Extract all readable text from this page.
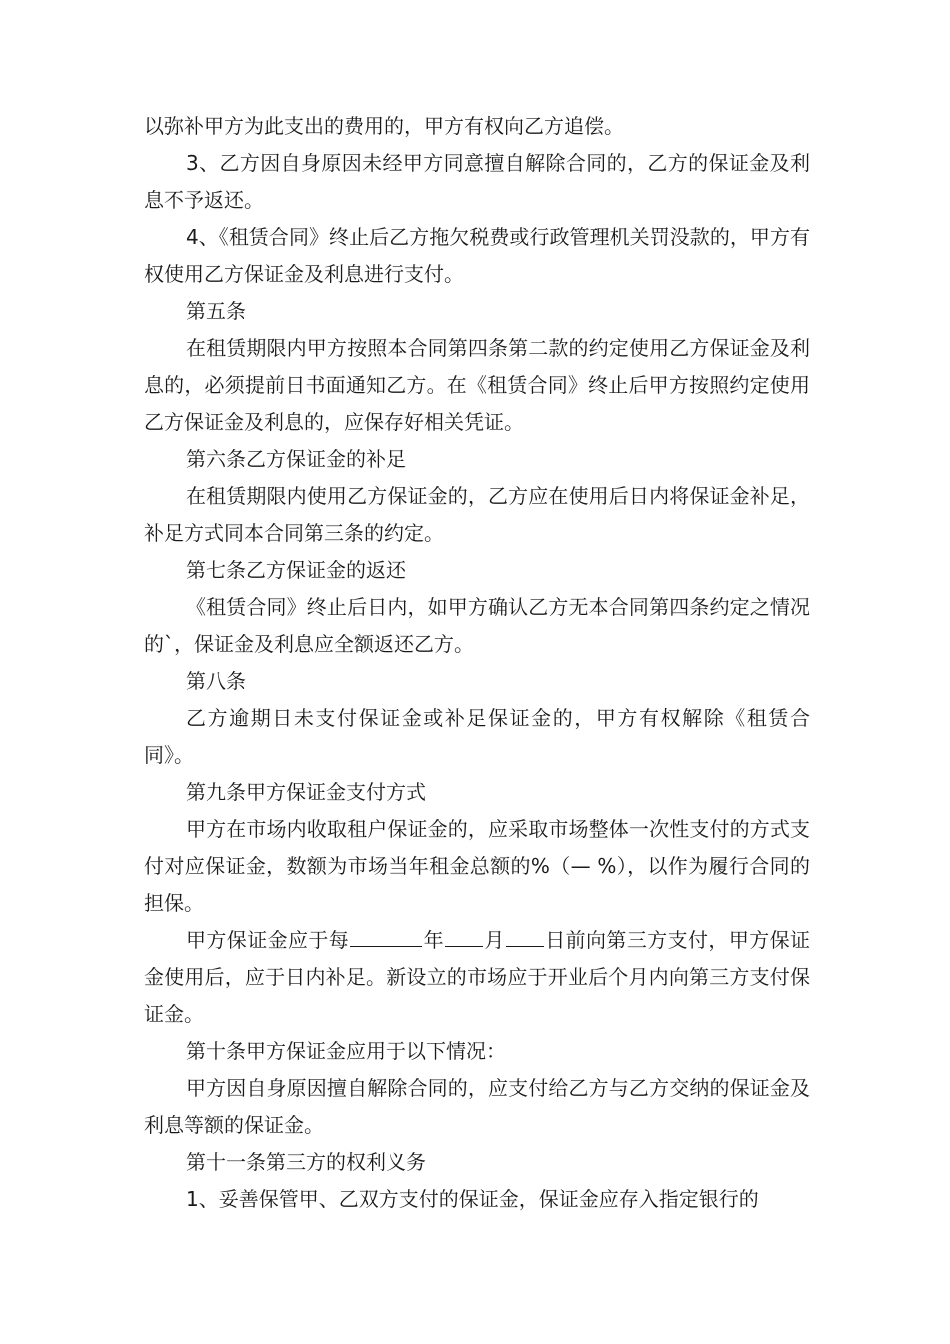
以弥补甲方为此支出的费用的，甲方有权向乙方追偿。

3、乙方因自身原因未经甲方同意擅自解除合同的，乙方的保证金及利息不予返还。

4、《租赁合同》终止后乙方拖欠税费或行政管理机关罚没款的，甲方有权使用乙方保证金及利息进行支付。

第五条

在租赁期限内甲方按照本合同第四条第二款的约定使用乙方保证金及利息的，必须提前日书面通知乙方。在《租赁合同》终止后甲方按照约定使用乙方保证金及利息的，应保存好相关凭证。

第六条乙方保证金的补足

在租赁期限内使用乙方保证金的，乙方应在使用后日内将保证金补足，补足方式同本合同第三条的约定。

第七条乙方保证金的返还

《租赁合同》终止后日内，如甲方确认乙方无本合同第四条约定之情况的`，保证金及利息应全额返还乙方。

第八条

乙方逾期日未支付保证金或补足保证金的，甲方有权解除《租赁合同》。

第九条甲方保证金支付方式

甲方在市场内收取租户保证金的，应采取市场整体一次性支付的方式支付对应保证金，数额为市场当年租金总额的%（— %），以作为履行合同的担保。

甲方保证金应于每	年 月 日前向第三方支付，甲方保证金使用后，应于日内补足。新设立的市场应于开业后个月内向第三方支付保证金。

第十条甲方保证金应用于以下情况：

甲方因自身原因擅自解除合同的，应支付给乙方与乙方交纳的保证金及利息等额的保证金。

第十一条第三方的权利义务

1、妥善保管甲、乙双方支付的保证金，保证金应存入指定银行的
